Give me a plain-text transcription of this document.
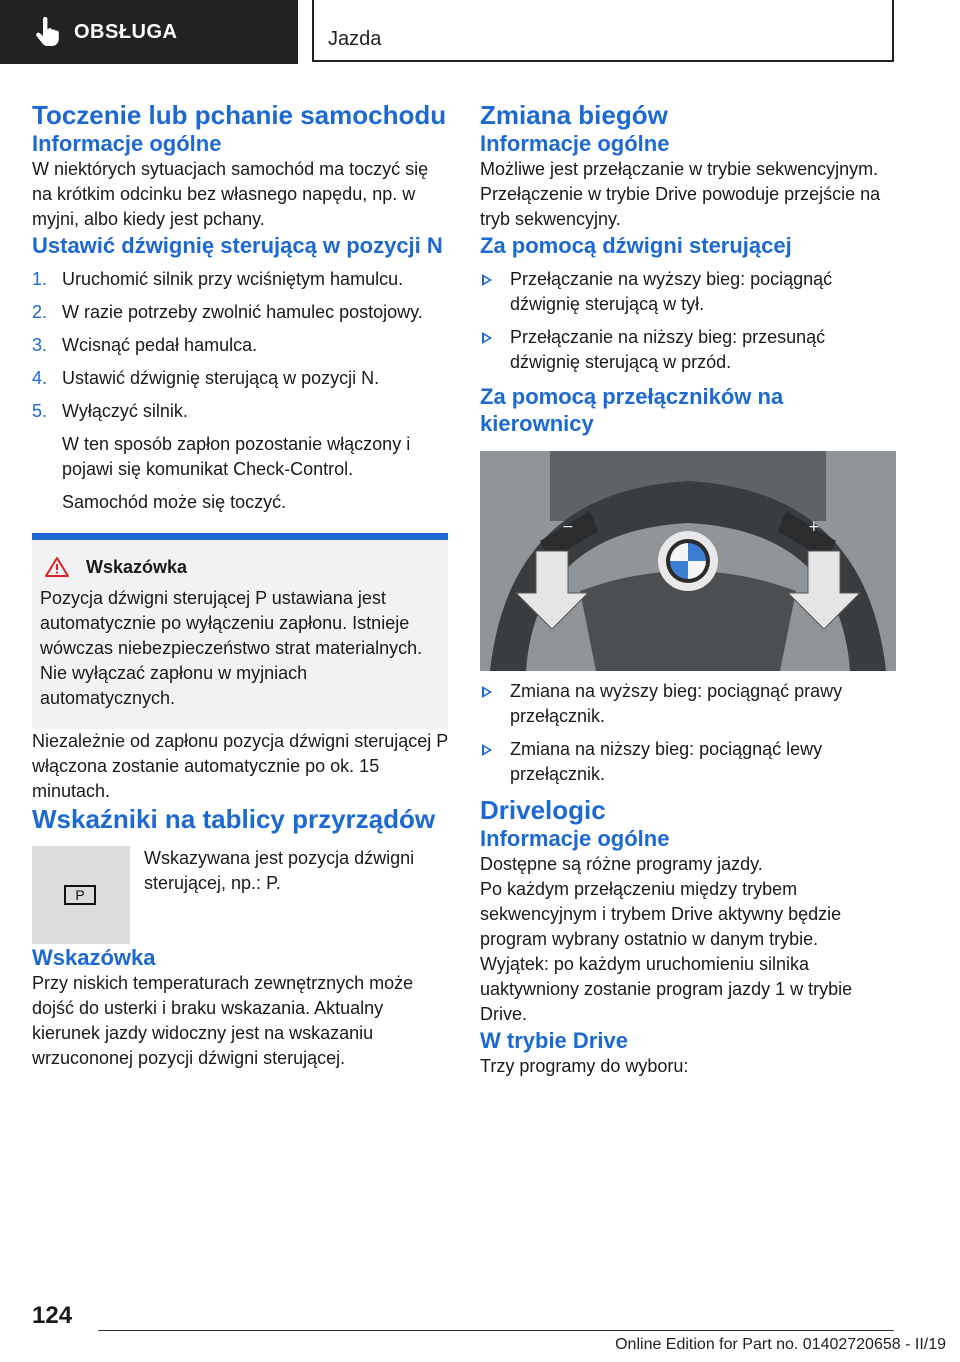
OBSŁUGA	Jazda
Toczenie lub pchanie samochodu
Informacje ogólne

W niektórych sytuacjach samochód ma toczyć się na krótkim odcinku bez własnego napędu, np. w myjni, albo kiedy jest pchany.

Ustawić dźwignię sterującą w pozycji N
1. Uruchomić silnik przy wciśniętym hamulcu.
2. W razie potrzeby zwolnić hamulec postojowy.
3. Wcisnąć pedał hamulca.
4. Ustawić dźwignię sterującą w pozycji N.
5. Wyłączyć silnik.

W ten sposób zapłon pozostanie włączony i pojawi się komunikat Check-Control.

Samochód może się toczyć.

Wskazówka

Pozycja dźwigni sterującej P ustawiana jest automatycznie po wyłączeniu zapłonu. Istnieje wówczas niebezpieczeństwo strat materialnych. Nie wyłączać zapłonu w myjniach automatycznych.

Niezależnie od zapłonu pozycja dźwigni sterującej P włączona zostanie automatycznie po ok. 15 minutach.

Wskaźniki na tablicy przyrządów
P

Wskazywana jest pozycja dźwigni sterującej, np.: P.

Wskazówka

Przy niskich temperaturach zewnętrznych może dojść do usterki i braku wskazania. Aktualny kierunek jazdy widoczny jest na wskazaniu wrzucononej pozycji dźwigni sterującej.

Zmiana biegów
Informacje ogólne

Możliwe jest przełączanie w trybie sekwencyjnym.

Przełączenie w trybie Drive powoduje przejście na tryb sekwencyjny.

Za pomocą dźwigni sterującej
Przełączanie na wyższy bieg: pociągnąć dźwignię sterującą w tył.
Przełączanie na niższy bieg: przesunąć dźwignię sterującą w przód.
Za pomocą przełączników na kierownicy
−	+
Zmiana na wyższy bieg: pociągnąć prawy przełącznik.
Zmiana na niższy bieg: pociągnąć lewy przełącznik.
Drivelogic
Informacje ogólne

Dostępne są różne programy jazdy.

Po każdym przełączeniu między trybem sekwencyjnym i trybem Drive aktywny będzie program wybrany ostatnio w danym trybie.

Wyjątek: po każdym uruchomieniu silnika uaktywniony zostanie program jazdy 1 w trybie Drive.

W trybie Drive

Trzy programy do wyboru:

124
Online Edition for Part no. 01402720658 - II/19
